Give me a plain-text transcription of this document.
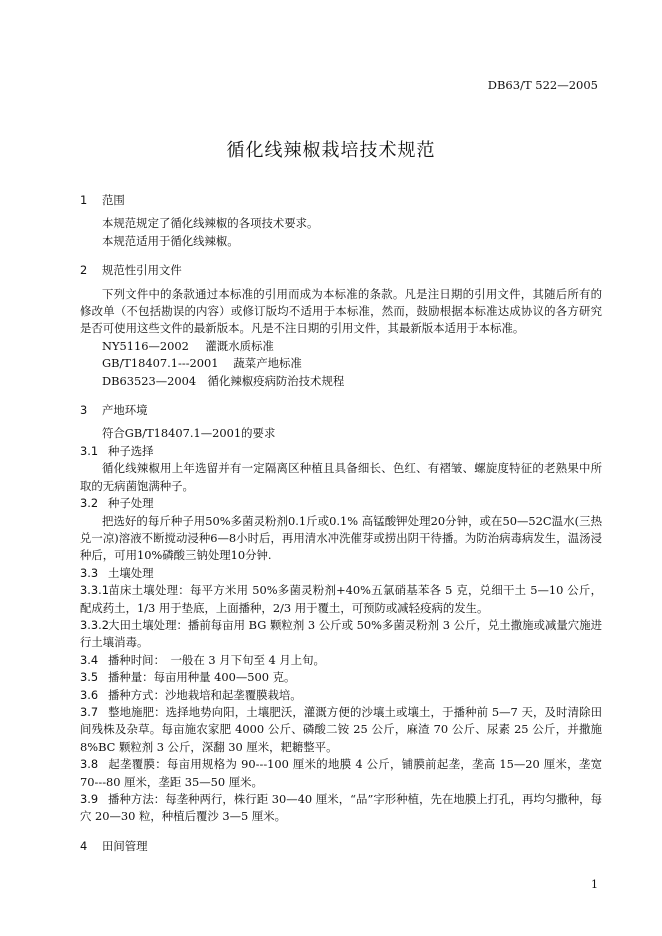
DB63/T 522—2005
循化线辣椒栽培技术规范
1 范围
本规范规定了循化线辣椒的各项技术要求。
本规范适用于循化线辣椒。
2 规范性引用文件
下列文件中的条款通过本标准的引用而成为本标准的条款。凡是注日期的引用文件，其随后所有的修改单（不包括勘误的内容）或修订版均不适用于本标准，然而，鼓励根据本标准达成协议的各方研究是否可使用这些文件的最新版本。凡是不注日期的引用文件，其最新版本适用于本标准。
NY5116—2002　 灌溉水质标准
GB/T18407.1---2001　 蔬菜产地标准
DB63523—2004　 循化辣椒疫病防治技术规程
3 产地环境
符合GB/T18407.1—2001的要求
3.1 种子选择
循化线辣椒用上年选留并有一定隔离区种植且具备细长、色红、有褶皱、螺旋度特征的老熟果中所取的无病菌饱满种子。
3.2 种子处理
把选好的每斤种子用50%多菌灵粉剂0.1斤或0.1% 高锰酸钾处理20分钟，或在50—52C温水(三热兑一凉)溶液不断搅动浸种6—8小时后，再用清水冲洗催芽或捞出阴干待播。为防治病毒病发生，温汤浸种后，可用10%磷酸三钠处理10分钟.
3.3 土壤处理
3.3.1苗床土壤处理：每平方米用 50%多菌灵粉剂+40%五氯硝基苯各 5 克，兑细干土 5—10 公斤，配成药土，1/3 用于垫底，上面播种，2/3 用于覆土，可预防或减轻疫病的发生。
3.3.2大田土壤处理：播前每亩用 BG 颗粒剂 3 公斤或 50%多菌灵粉剂 3 公斤，兑土撒施或减量穴施进行土壤消毒。
3.4 播种时间：　一般在 3 月下旬至 4 月上旬。
3.5 播种量：每亩用种量 400—500 克。
3.6 播种方式：沙地栽培和起垄覆膜栽培。
3.7 整地施肥：选择地势向阳，土壤肥沃，灌溉方便的沙壤土或壤土，于播种前 5—7 天，及时清除田间残株及杂草。每亩施农家肥 4000 公斤、磷酸二铵 25 公斤，麻渣 70 公斤、尿素 25 公斤，并撒施 8%BC 颗粒剂 3 公斤，深翻 30 厘米，耙耱整平。
3.8 起垄覆膜：每亩用规格为 90---100 厘米的地膜 4 公斤，铺膜前起垄，垄高 15—20 厘米，垄宽 70---80 厘米，垄距 35—50 厘米。
3.9 播种方法：每垄种两行，株行距 30—40 厘米，“品”字形种植，先在地膜上打孔，再均匀撒种，每穴 20—30 粒，种植后覆沙 3—5 厘米。
4 田间管理
1
